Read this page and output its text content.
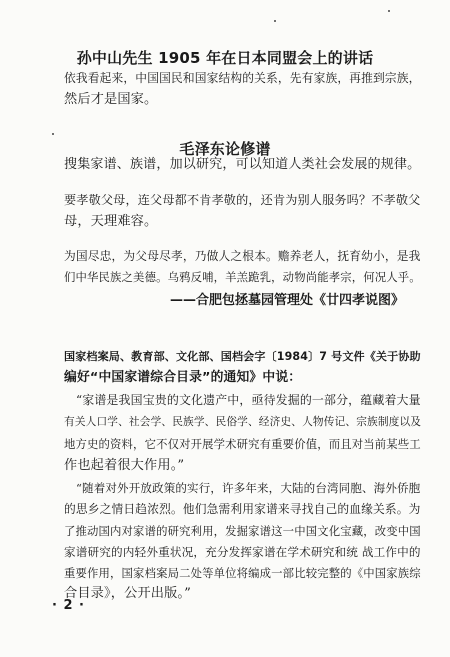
孙中山先生 1905 年在日本同盟会上的讲话
依我看起来，中国国民和国家结构的关系，先有家族，再推到宗族，
然后才是国家。
毛泽东论修谱
搜集家谱、族谱，加以研究，可以知道人类社会发展的规律。
要孝敬父母，连父母都不肯孝敬的，还肯为别人服务吗？不孝敬父
母，天理难容。
为国尽忠，为父母尽孝，乃做人之根本。赡养老人，抚育幼小，是我
们中华民族之美德。乌鸦反哺，羊羔跪乳，动物尚能孝宗，何况人乎。
——合肥包拯墓园管理处《廿四孝说图》
国家档案局、教育部、文化部、国档会字〔1984〕7 号文件《关于协助
编好“中国家谱综合目录”的通知》中说：
“家谱是我国宝贵的文化遗产中，亟待发掘的一部分，蕴藏着大量
有关人口学、社会学、民族学、民俗学、经济史、人物传记、宗族制度以及
地方史的资料，它不仅对开展学术研究有重要价值，而且对当前某些工
作也起着很大作用。”
“随着对外开放政策的实行，许多年来，大陆的台湾同胞、海外侨胞
的思乡之情日趋浓烈。他们急需利用家谱来寻找自己的血缘关系。为
了推动国内对家谱的研究利用，发掘家谱这一中国文化宝藏，改变中国
家谱研究的内轻外重状况，充分发挥家谱在学术研究和统 战工作中的
重要作用，国家档案局二处等单位将编成一部比较完整的《中国家族综
合目录》，公开出版。”
· 2 ·
